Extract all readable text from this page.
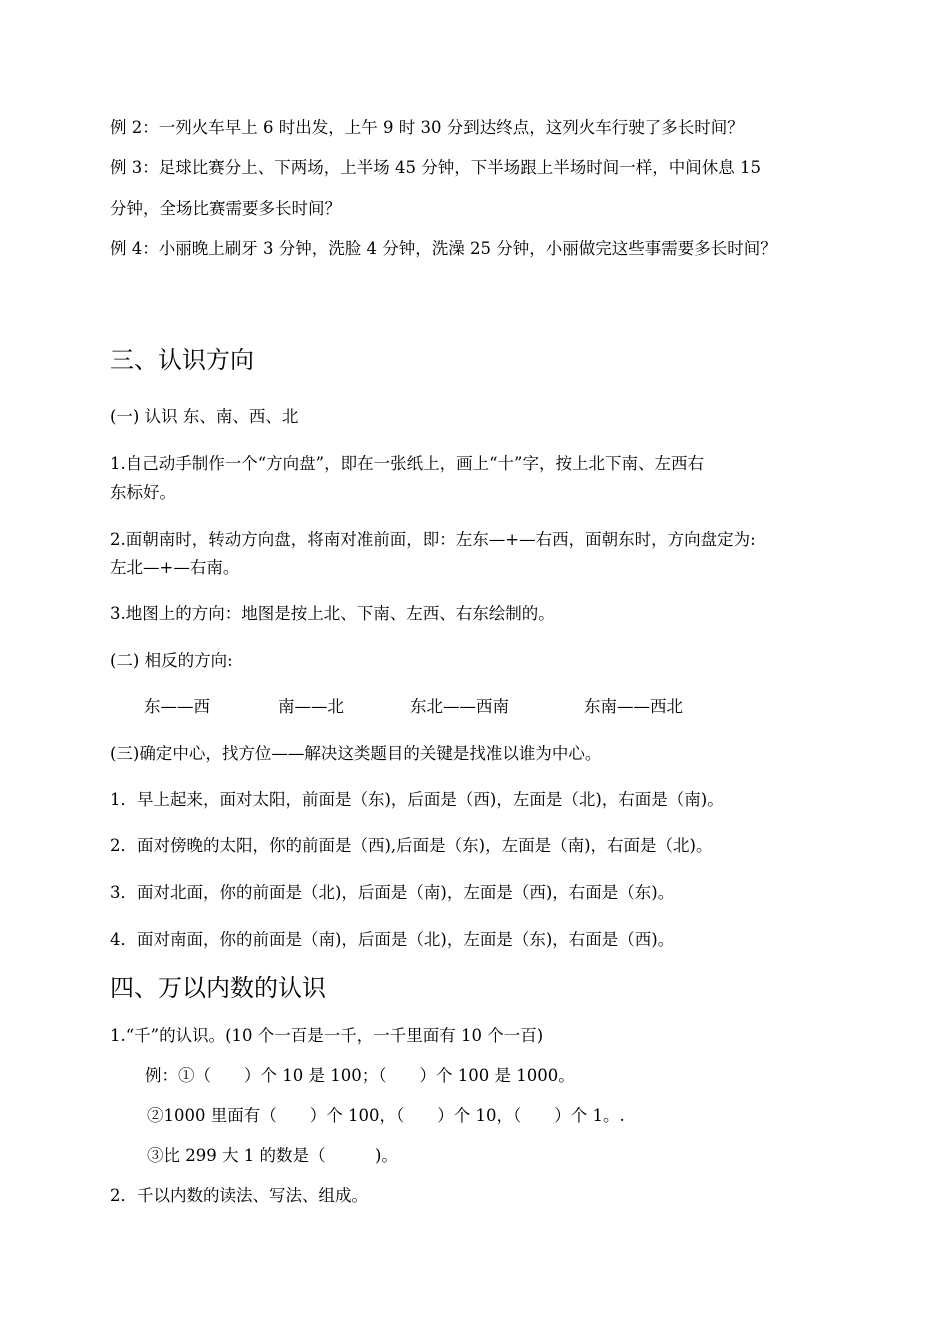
例 2：一列火车早上 6 时出发，上午 9 时 30 分到达终点，这列火车行驶了多长时间？
例 3：足球比赛分上、下两场，上半场 45 分钟，下半场跟上半场时间一样，中间休息 15
分钟，全场比赛需要多长时间？
例 4：小丽晚上刷牙 3 分钟，洗脸 4 分钟，洗澡 25 分钟，小丽做完这些事需要多长时间？
三、认识方向
(一) 认识 东、南、西、北
1.自己动手制作一个“方向盘”，即在一张纸上，画上“十”字，按上北下南、左西右
东标好。
2.面朝南时，转动方向盘，将南对准前面，即：左东—+—右西，面朝东时，方向盘定为:
左北—+—右南。
3.地图上的方向：地图是按上北、下南、左西、右东绘制的。
(二) 相反的方向:
东——西	南——北	东北——西南	东南——西北
(三)确定中心，找方位——解决这类题目的关键是找准以谁为中心。
1．早上起来，面对太阳，前面是（东)，后面是（西)，左面是（北)，右面是（南)。
2．面对傍晚的太阳，你的前面是（西),后面是（东)，左面是（南)，右面是（北)。
3．面对北面，你的前面是（北)，后面是（南)，左面是（西)，右面是（东)。
4．面对南面，你的前面是（南)，后面是（北)，左面是（东)，右面是（西)。
四、万以内数的认识
1.“千”的认识。(10 个一百是一千，一千里面有 10 个一百)
例：①（　　）个 10 是 100；（　　）个 100 是 1000。
②1000 里面有（　　）个 100，（　　）个 10，（　　）个 1。.
③比 299 大 1 的数是（　　　)。
2．千以内数的读法、写法、组成。
